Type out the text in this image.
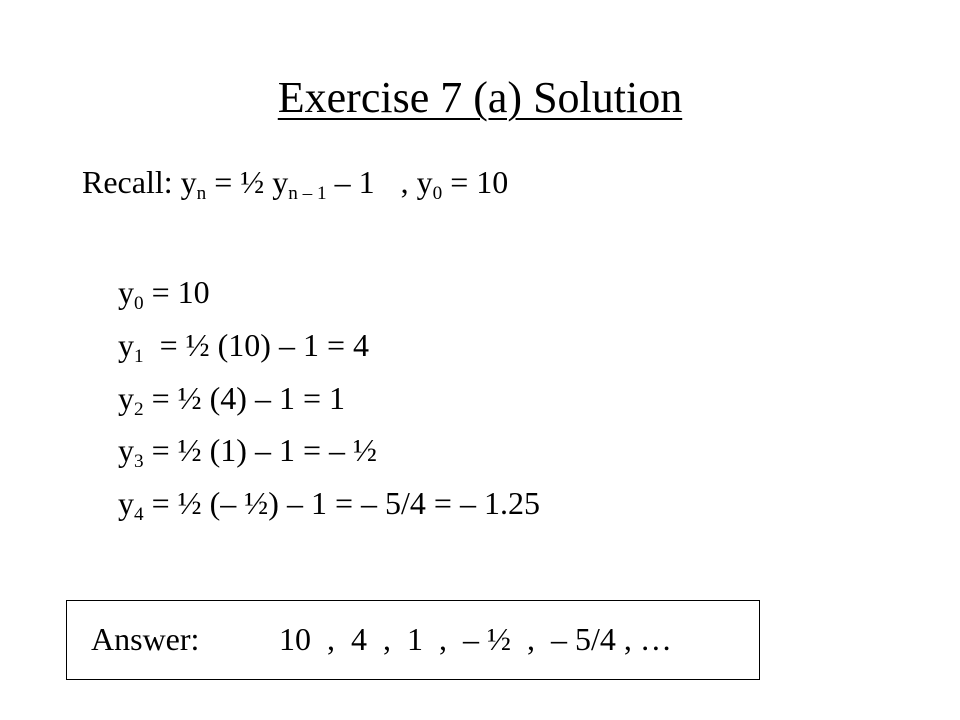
Exercise 7 (a) Solution
Recall: $y_n$ = ½ $y_{n - 1} - 1$ , $y_0 = 10$
$y_0 = 10$
$y_1$  = ½ (10) – 1 = 4
$y_2$ = ½ (4) – 1 = 1
$y_3$ = ½ (1) – 1 = – ½
$y_4$ = ½ (– ½) – 1 = – 5/4 = – 1.25
Answer: 10  ,  4  ,  1  ,  – ½  ,  – 5/4 , …
